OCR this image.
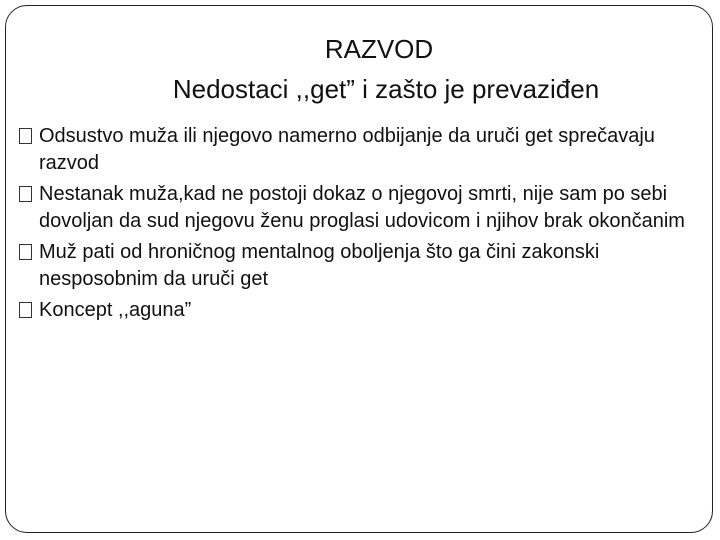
RAZVOD
Nedostaci ,,get” i zašto je prevaziđen
Odsustvo muža ili njegovo namerno odbijanje da uruči get sprečavaju razvod
Nestanak muža,kad ne postoji dokaz o njegovoj smrti, nije sam po sebi dovoljan da sud njegovu ženu proglasi udovicom i njihov brak okončanim
Muž pati od hroničnog mentalnog oboljenja što ga čini zakonski nesposobnim da uruči get
Koncept ,,aguna”
